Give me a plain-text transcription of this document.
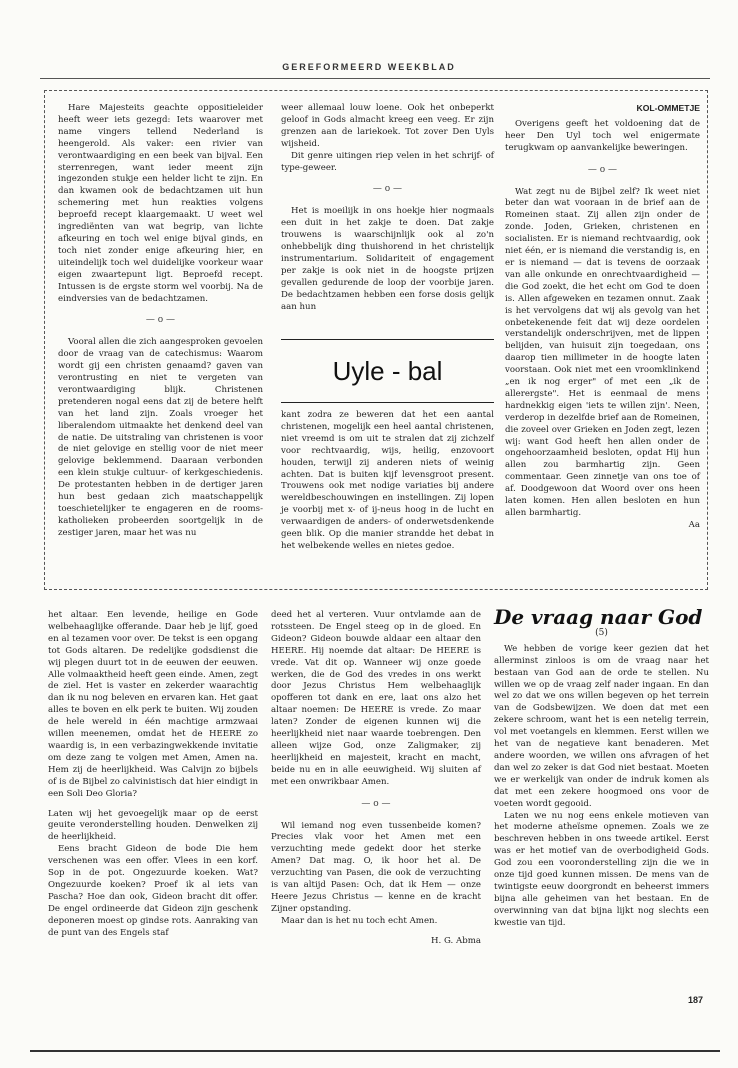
GEREFORMEERD WEEKBLAD

Hare Majesteits geachte oppositieleider heeft weer iets gezegd: Iets waarover met name vingers tellend Nederland is heengerold. Als vaker: een rivier van verontwaardiging en een beek van bijval. Een sterrenregen, want ieder meent zijn ingezonden stukje een helder licht te zijn. En dan kwamen ook de bedachtzamen uit hun schemering met hun reakties volgens beproefd recept klaargemaakt. U weet wel ingrediënten van wat begrip, van lichte afkeuring en toch wel enige bijval ginds, en toch niet zonder enige afkeuring hier, en uiteindelijk toch wel duidelijke voorkeur waar eigen zwaartepunt ligt. Beproefd recept. Intussen is de ergste storm wel voorbij. Na de eindversies van de bedachtzamen.

— o —

Vooral allen die zich aangesproken gevoelen door de vraag van de catechismus: Waarom wordt gij een christen genaamd? gaven van verontrusting en niet te vergeten van verontwaardiging blijk. Christenen pretenderen nogal eens dat zij de betere helft van het land zijn. Zoals vroeger het liberalendom uitmaakte het denkend deel van de natie. De uitstraling van christenen is voor de niet gelovige en stellig voor de niet meer gelovige beklemmend. Daaraan verbonden een klein stukje cultuur- of kerkgeschiedenis. De protestanten hebben in de dertiger jaren hun best gedaan zich maatschappelijk toeschietelijker te engageren en de rooms-katholieken probeerden soortgelijk in de zestiger jaren, maar het was nu

weer allemaal louw loene. Ook het onbeperkt geloof in Gods almacht kreeg een veeg. Er zijn grenzen aan de lariekoek. Tot zover Den Uyls wijsheid.

Dit genre uitingen riep velen in het schrijf- of type-geweer.

— o —

Het is moeilijk in ons hoekje hier nogmaals een duit in het zakje te doen. Dat zakje trouwens is waarschijnlijk ook al zo'n onhebbelijk ding thuishorend in het christelijk instrumentarium. Solidariteit of engagement per zakje is ook niet in de hoogste prijzen gevallen gedurende de loop der voorbije jaren. De bedachtzamen hebben een forse dosis gelijk aan hun

Uyle - bal

kant zodra ze beweren dat het een aantal christenen, mogelijk een heel aantal christenen, niet vreemd is om uit te stralen dat zij zichzelf voor rechtvaardig, wijs, heilig, enzovoort houden, terwijl zij anderen niets of weinig achten. Dat is buiten kijf levensgroot present. Trouwens ook met nodige variaties bij andere wereldbeschouwingen en instellingen. Zij lopen je voorbij met x- of ij-neus hoog in de lucht en verwaardigen de anders- of onderwetsdenkende geen blik. Op die manier strandde het debat in het welbekende welles en nietes gedoe.

KOL-OMMETJE

Overigens geeft het voldoening dat de heer Den Uyl toch wel enigermate terugkwam op aanvankelijke beweringen.

— o —

Wat zegt nu de Bijbel zelf? Ik weet niet beter dan wat vooraan in de brief aan de Romeinen staat. Zij allen zijn onder de zonde. Joden, Grieken, christenen en socialisten. Er is niemand rechtvaardig, ook niet één, er is niemand die verstandig is, en er is niemand — dat is tevens de oorzaak van alle onkunde en onrechtvaardigheid — die God zoekt, die het echt om God te doen is. Allen afgeweken en tezamen onnut. Zaak is het vervolgens dat wij als gevolg van het onbetekenende feit dat wij deze oordelen verstandelijk onderschrijven, met de lippen belijden, van huisuit zijn toegedaan, ons daarop tien millimeter in de hoogte laten voorstaan. Ook niet met een vroomklinkend „en ik nog erger" of met een „ik de allerergste". Het is eenmaal de mens hardnekkig eigen 'iets te willen zijn'. Neen, verderop in dezelfde brief aan de Romeinen, die zoveel over Grieken en Joden zegt, lezen wij: want God heeft hen allen onder de ongehoorzaamheid besloten, opdat Hij hun allen zou barmhartig zijn. Geen commentaar. Geen zinnetje van ons toe of af. Doodgewoon dat Woord over ons heen laten komen. Hen allen besloten en hun allen barmhartig.

Aa

het altaar. Een levende, heilige en Gode welbehaaglijke offerande. Daar heb je lijf, goed en al tezamen voor over. De tekst is een opgang tot Gods altaren. De redelijke godsdienst die wij plegen duurt tot in de eeuwen der eeuwen. Alle volmaaktheid heeft geen einde. Amen, zegt de ziel. Het is vaster en zekerder waarachtig dan ik nu nog beleven en ervaren kan. Het gaat alles te boven en elk perk te buiten. Wij zouden de hele wereld in één machtige armzwaai willen meenemen, omdat het de HEERE zo waardig is, in een verbazingwekkende invitatie om deze zang te volgen met Amen, Amen na. Hem zij de heerlijkheid. Was Calvijn zo bijbels of is de Bijbel zo calvinistisch dat hier eindigt in een Soli Deo Gloria?

Laten wij het gevoegelijk maar op de eerst geuite veronderstelling houden. Denwelken zij de heerlijkheid.

Eens bracht Gideon de bode Die hem verschenen was een offer. Vlees in een korf. Sop in de pot. Ongezuurde koeken. Wat? Ongezuurde koeken? Proef ik al iets van Pascha? Hoe dan ook, Gideon bracht dit offer. De engel ordineerde dat Gideon zijn geschenk deponeren moest op gindse rots. Aanraking van de punt van des Engels staf

deed het al verteren. Vuur ontvlamde aan de rotssteen. De Engel steeg op in de gloed. En Gideon? Gideon bouwde aldaar een altaar den HEERE. Hij noemde dat altaar: De HEERE is vrede. Vat dit op. Wanneer wij onze goede werken, die de God des vredes in ons werkt door Jezus Christus Hem welbehaaglijk opofferen tot dank en ere, laat ons alzo het altaar noemen: De HEERE is vrede. Zo maar laten? Zonder de eigenen kunnen wij die heerlijkheid niet naar waarde toebrengen. Den alleen wijze God, onze Zaligmaker, zij heerlijkheid en majesteit, kracht en macht, beide nu en in alle eeuwigheid. Wij sluiten af met een onwrikbaar Amen.

— o —

Wil iemand nog even tussenbeide komen? Precies vlak voor het Amen met een verzuchting mede gedekt door het sterke Amen? Dat mag. O, ik hoor het al. De verzuchting van Pasen, die ook de verzuchting is van altijd Pasen: Och, dat ik Hem — onze Heere Jezus Christus — kenne en de kracht Zijner opstanding.

Maar dan is het nu toch echt Amen.

H. G. Abma
De vraag naar God
(5)

We hebben de vorige keer gezien dat het allerminst zinloos is om de vraag naar het bestaan van God aan de orde te stellen. Nu willen we op de vraag zelf nader ingaan. En dan wel zo dat we ons willen begeven op het terrein van de Godsbewijzen. We doen dat met een zekere schroom, want het is een netelig terrein, vol met voetangels en klemmen. Eerst willen we het van de negatieve kant benaderen. Met andere woorden, we willen ons afvragen of het dan wel zo zeker is dat God niet bestaat. Moeten we er werkelijk van onder de indruk komen als dat met een zekere hoogmoed ons voor de voeten wordt gegooid.

Laten we nu nog eens enkele motieven van het moderne atheïsme opnemen. Zoals we ze beschreven hebben in ons tweede artikel. Eerst was er het motief van de overbodigheid Gods. God zou een vooronderstelling zijn die we in onze tijd goed kunnen missen. De mens van de twintigste eeuw doorgrondt en beheerst immers bijna alle geheimen van het bestaan. En de overwinning van dat bijna lijkt nog slechts een kwestie van tijd.

187
